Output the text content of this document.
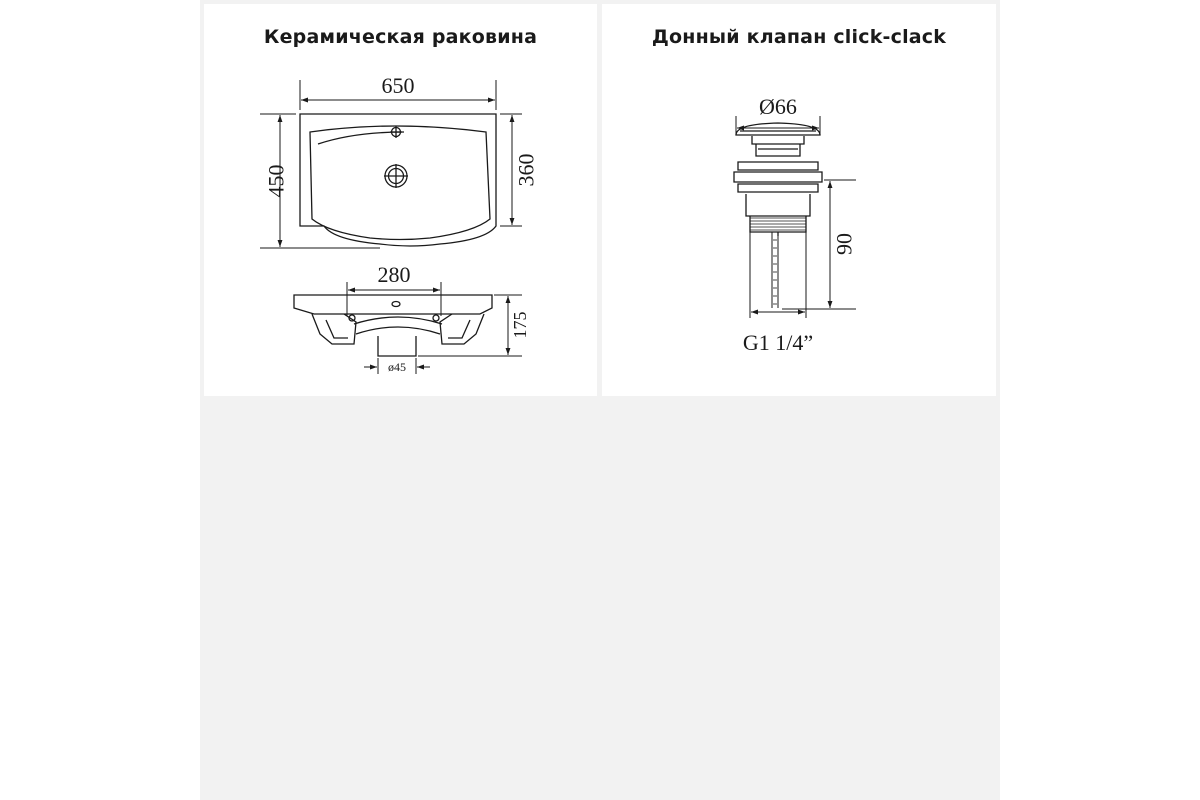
Керамическая раковина
650
450	360
280
175
ø45
Донный клапан click-clack
Ø66
90
G1 1/4”
